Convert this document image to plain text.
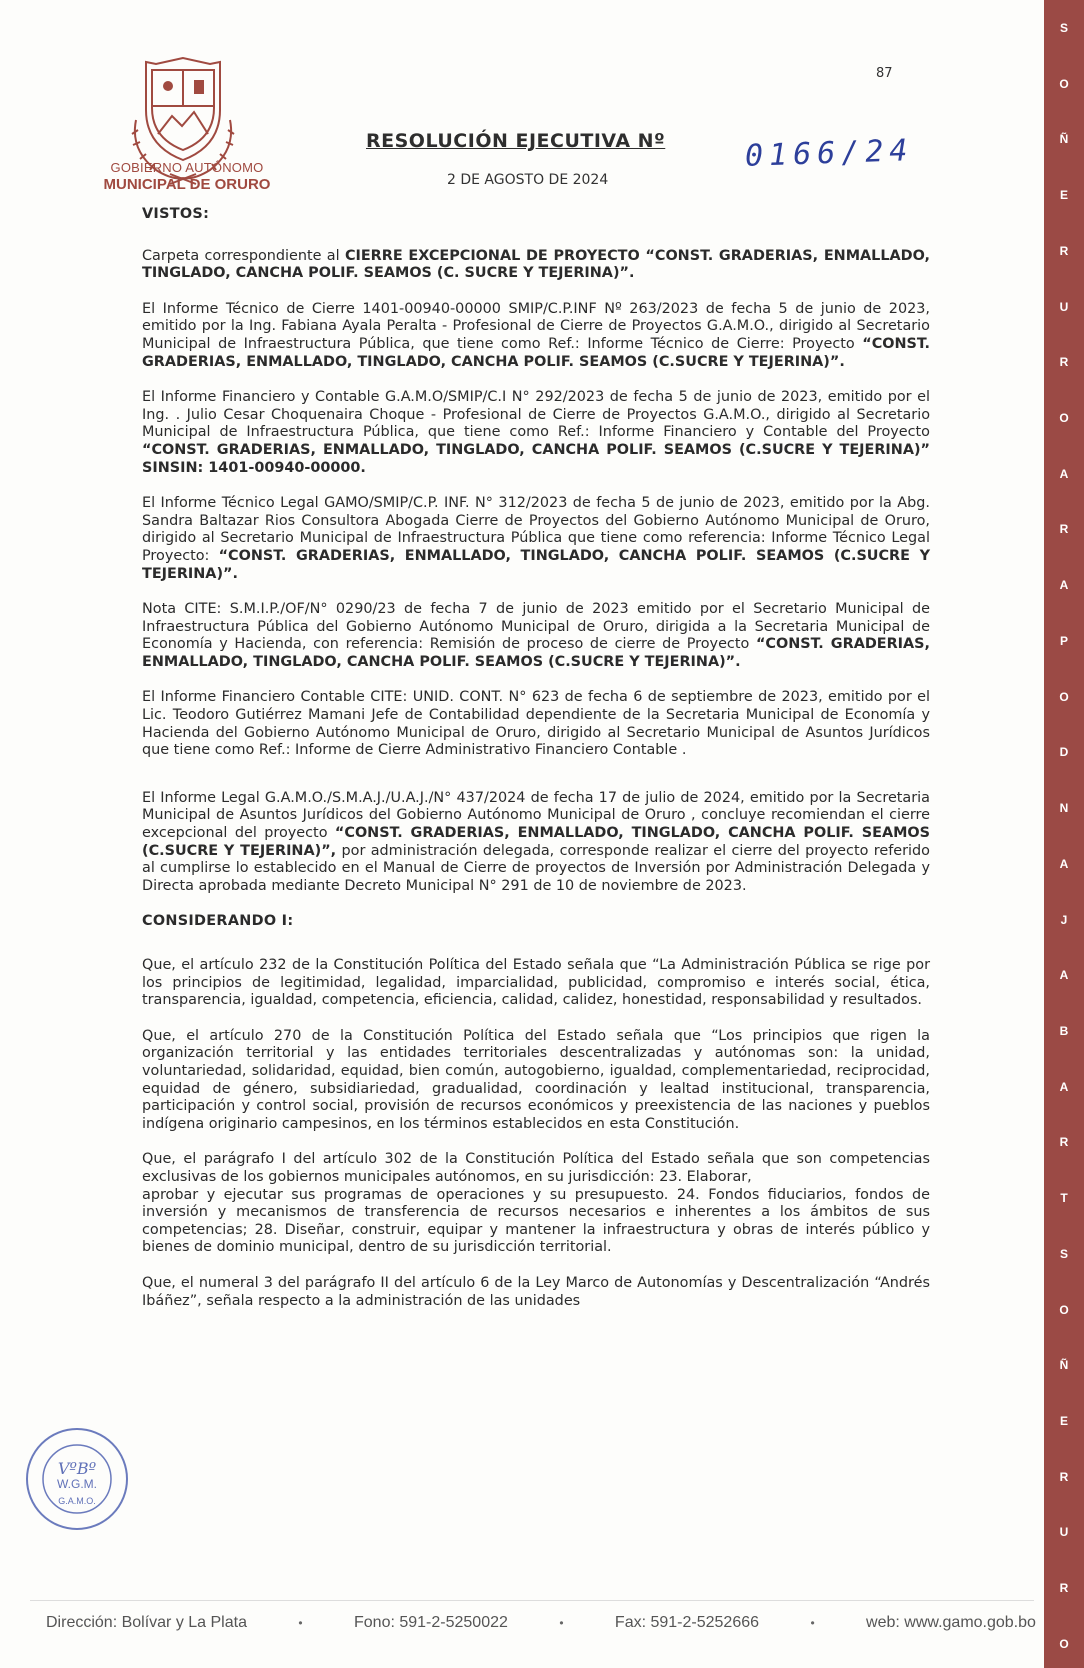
GOBIERNO AUTÓNOMO
MUNICIPAL DE ORURO
87
RESOLUCIÓN EJECUTIVA Nº	0166/24
2 DE AGOSTO DE 2024
VISTOS:

Carpeta correspondiente al CIERRE EXCEPCIONAL DE PROYECTO “CONST. GRADERIAS, ENMALLADO, TINGLADO, CANCHA POLIF. SEAMOS (C. SUCRE Y TEJERINA)”.

El Informe Técnico de Cierre 1401-00940-00000 SMIP/C.P.INF Nº 263/2023 de fecha 5 de junio de 2023, emitido por la Ing. Fabiana Ayala Peralta - Profesional de Cierre de Proyectos G.A.M.O., dirigido al Secretario Municipal de Infraestructura Pública, que tiene como Ref.: Informe Técnico de Cierre: Proyecto “CONST. GRADERIAS, ENMALLADO, TINGLADO, CANCHA POLIF. SEAMOS (C.SUCRE Y TEJERINA)”.

El Informe Financiero y Contable G.A.M.O/SMIP/C.I N° 292/2023 de fecha 5 de junio de 2023, emitido por el Ing. . Julio Cesar Choquenaira Choque - Profesional de Cierre de Proyectos G.A.M.O., dirigido al Secretario Municipal de Infraestructura Pública, que tiene como Ref.: Informe Financiero y Contable del Proyecto “CONST. GRADERIAS, ENMALLADO, TINGLADO, CANCHA POLIF. SEAMOS (C.SUCRE Y TEJERINA)” SINSIN: 1401-00940-00000.

El Informe Técnico Legal GAMO/SMIP/C.P. INF. N° 312/2023 de fecha 5 de junio de 2023, emitido por la Abg. Sandra Baltazar Rios Consultora Abogada Cierre de Proyectos del Gobierno Autónomo Municipal de Oruro, dirigido al Secretario Municipal de Infraestructura Pública que tiene como referencia: Informe Técnico Legal Proyecto: “CONST. GRADERIAS, ENMALLADO, TINGLADO, CANCHA POLIF. SEAMOS (C.SUCRE Y TEJERINA)”.

Nota CITE: S.M.I.P./OF/N° 0290/23 de fecha 7 de junio de 2023 emitido por el Secretario Municipal de Infraestructura Pública del Gobierno Autónomo Municipal de Oruro, dirigida a la Secretaria Municipal de Economía y Hacienda, con referencia: Remisión de proceso de cierre de Proyecto “CONST. GRADERIAS, ENMALLADO, TINGLADO, CANCHA POLIF. SEAMOS (C.SUCRE Y TEJERINA)”.

El Informe Financiero Contable CITE: UNID. CONT. N° 623 de fecha 6 de septiembre de 2023, emitido por el Lic. Teodoro Gutiérrez Mamani Jefe de Contabilidad dependiente de la Secretaria Municipal de Economía y Hacienda del Gobierno Autónomo Municipal de Oruro, dirigido al Secretario Municipal de Asuntos Jurídicos que tiene como Ref.: Informe de Cierre Administrativo Financiero Contable .

El Informe Legal G.A.M.O./S.M.A.J./U.A.J./N° 437/2024 de fecha 17 de julio de 2024, emitido por la Secretaria Municipal de Asuntos Jurídicos del Gobierno Autónomo Municipal de Oruro , concluye recomiendan el cierre excepcional del proyecto “CONST. GRADERIAS, ENMALLADO, TINGLADO, CANCHA POLIF. SEAMOS (C.SUCRE Y TEJERINA)”, por administración delegada, corresponde realizar el cierre del proyecto referido al cumplirse lo establecido en el Manual de Cierre de proyectos de Inversión por Administración Delegada y Directa aprobada mediante Decreto Municipal N° 291 de 10 de noviembre de 2023.

CONSIDERANDO I:

Que, el artículo 232 de la Constitución Política del Estado señala que “La Administración Pública se rige por los principios de legitimidad, legalidad, imparcialidad, publicidad, compromiso e interés social, ética, transparencia, igualdad, competencia, eficiencia, calidad, calidez, honestidad, responsabilidad y resultados.

Que, el artículo 270 de la Constitución Política del Estado señala que “Los principios que rigen la organización territorial y las entidades territoriales descentralizadas y autónomas son: la unidad, voluntariedad, solidaridad, equidad, bien común, autogobierno, igualdad, complementariedad, reciprocidad, equidad de género, subsidiariedad, gradualidad, coordinación y lealtad institucional, transparencia, participación y control social, provisión de recursos económicos y preexistencia de las naciones y pueblos indígena originario campesinos, en los términos establecidos en esta Constitución.

Que, el parágrafo I del artículo 302 de la Constitución Política del Estado señala que son competencias exclusivas de los gobiernos municipales autónomos, en su jurisdicción: 23. Elaborar,

aprobar y ejecutar sus programas de operaciones y su presupuesto. 24. Fondos fiduciarios, fondos de inversión y mecanismos de transferencia de recursos necesarios e inherentes a los ámbitos de sus competencias; 28. Diseñar, construir, equipar y mantener la infraestructura y obras de interés público y bienes de dominio municipal, dentro de su jurisdicción territorial.

Que, el numeral 3 del parágrafo II del artículo 6 de la Ley Marco de Autonomías y Descentralización “Andrés Ibáñez”, señala respecto a la administración de las unidades

VºBº
W.G.M.
G.A.M.O.
Dirección: Bolívar y La Plata	•	Fono: 591-2-5250022	•	Fax: 591-2-5252666	•	web: www.gamo.gob.bo
S
O
Ñ
E
R
U
R
O
A
R
A
P
O
D
N
A
J
A
B
A
R
T
S
O
Ñ
E
R
U
R
O
